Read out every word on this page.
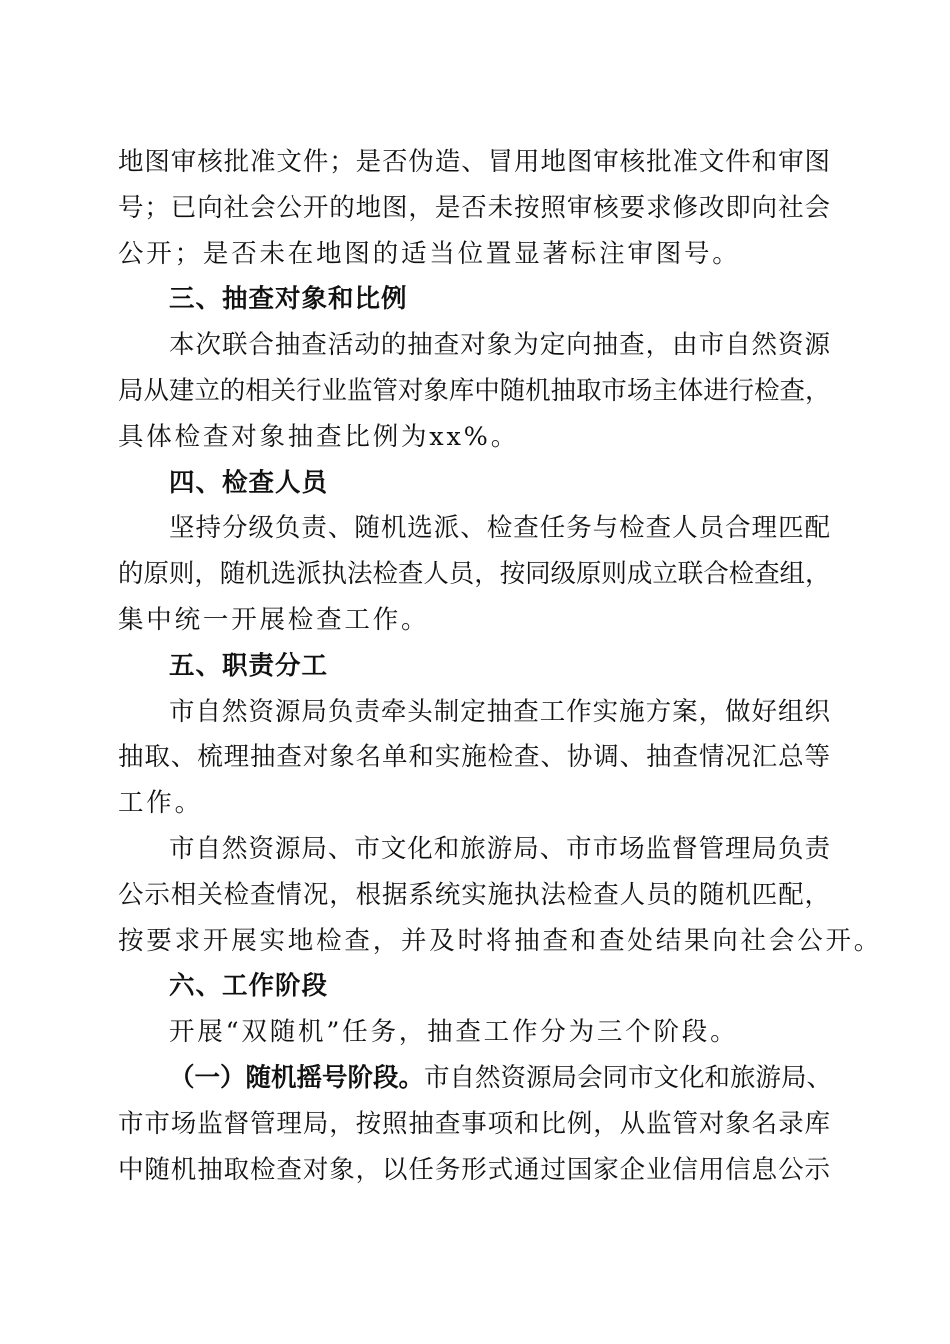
地图审核批准文件；是否伪造、冒用地图审核批准文件和审图
号；已向社会公开的地图，是否未按照审核要求修改即向社会
公开；是否未在地图的适当位置显著标注审图号。
三、抽查对象和比例
本次联合抽查活动的抽查对象为定向抽查，由市自然资源
局从建立的相关行业监管对象库中随机抽取市场主体进行检查，
具体检查对象抽查比例为xx%。
四、检查人员
坚持分级负责、随机选派、检查任务与检查人员合理匹配
的原则，随机选派执法检查人员，按同级原则成立联合检查组，
集中统一开展检查工作。
五、职责分工
市自然资源局负责牵头制定抽查工作实施方案，做好组织
抽取、梳理抽查对象名单和实施检查、协调、抽查情况汇总等
工作。
市自然资源局、市文化和旅游局、市市场监督管理局负责
公示相关检查情况，根据系统实施执法检查人员的随机匹配，
按要求开展实地检查，并及时将抽查和查处结果向社会公开。
六、工作阶段
开展“双随机”任务，抽查工作分为三个阶段。
（一）随机摇号阶段。市自然资源局会同市文化和旅游局、
市市场监督管理局，按照抽查事项和比例，从监管对象名录库
中随机抽取检查对象，以任务形式通过国家企业信用信息公示
